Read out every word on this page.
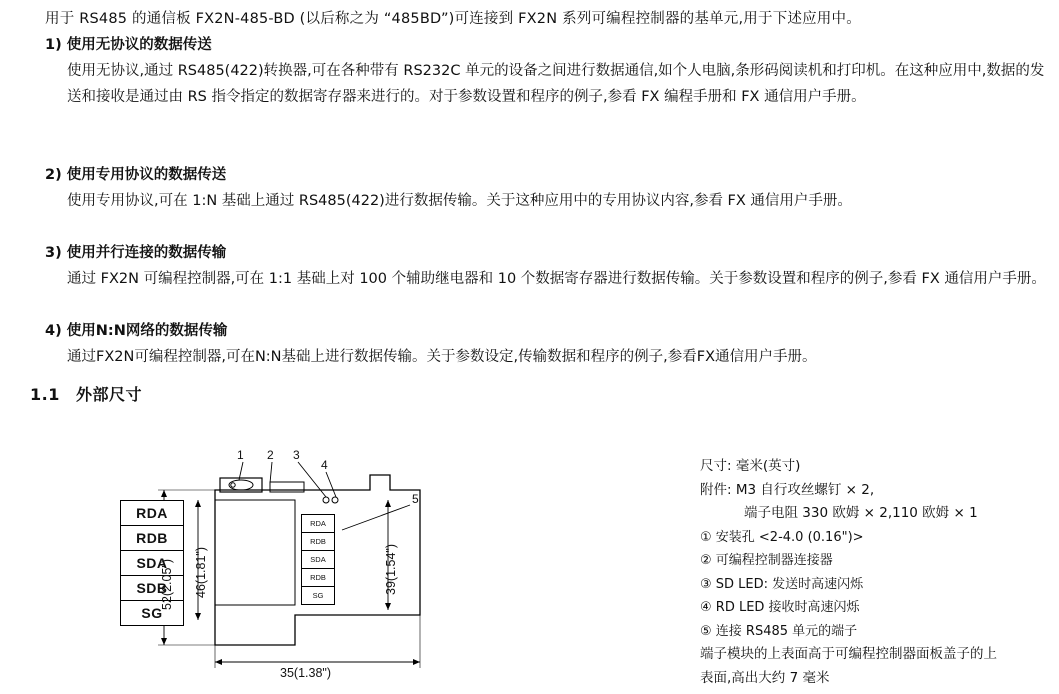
用于 RS485 的通信板 FX2N-485-BD (以后称之为 “485BD”)可连接到 FX2N 系列可编程控制器的基单元,用于下述应用中。
1) 使用无协议的数据传送
使用无协议,通过 RS485(422)转换器,可在各种带有 RS232C 单元的设备之间进行数据通信,如个人电脑,条形码阅读机和打印机。在这种应用中,数据的发送和接收是通过由 RS 指令指定的数据寄存器来进行的。对于参数设置和程序的例子,参看 FX 编程手册和 FX 通信用户手册。
2) 使用专用协议的数据传送
使用专用协议,可在 1:N 基础上通过 RS485(422)进行数据传输。关于这种应用中的专用协议内容,参看 FX 通信用户手册。
3) 使用并行连接的数据传输
通过 FX2N 可编程控制器,可在 1:1 基础上对 100 个辅助继电器和 10 个数据寄存器进行数据传输。关于参数设置和程序的例子,参看 FX 通信用户手册。
4) 使用N:N网络的数据传输
通过FX2N可编程控制器,可在N:N基础上进行数据传输。关于参数设定,传输数据和程序的例子,参看FX通信用户手册。
1.1 外部尺寸
RDA
RDB
SDA
SDB
SG
RDA
RDB
SDA
RDB
SG
52(2.05") 46(1.81")	39(1.54")
35(1.38")
1 2 3
4
5
尺寸: 毫米(英寸)
附件: M3 自行攻丝螺钉 × 2,
端子电阻 330 欧姆 × 2,110 欧姆 × 1
① 安装孔 <2-4.0 (0.16")>
② 可编程控制器连接器
③ SD LED: 发送时高速闪烁
④ RD LED 接收时高速闪烁
⑤ 连接 RS485 单元的端子
端子模块的上表面高于可编程控制器面板盖子的上
表面,高出大约 7 毫米
